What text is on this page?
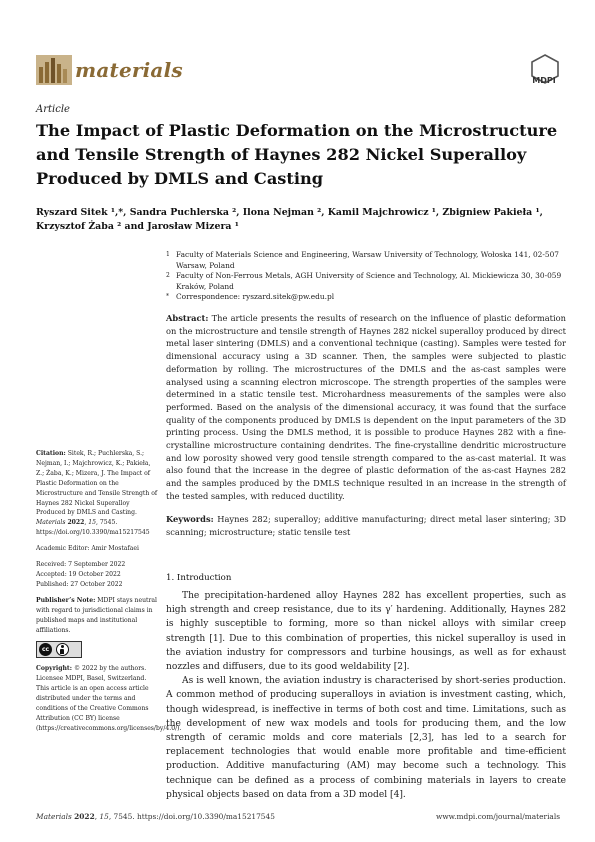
materials	MDPI
Article
The Impact of Plastic Deformation on the Microstructure and Tensile Strength of Haynes 282 Nickel Superalloy Produced by DMLS and Casting
Ryszard Sitek ¹,*, Sandra Puchlerska ², Ilona Nejman ², Kamil Majchrowicz ¹, Zbigniew Pakieła ¹, Krzysztof Żaba ² and Jarosław Mizera ¹
1 Faculty of Materials Science and Engineering, Warsaw University of Technology, Wołoska 141, 02-507 Warsaw, Poland
2 Faculty of Non-Ferrous Metals, AGH University of Science and Technology, Al. Mickiewicza 30, 30-059 Kraków, Poland
* Correspondence: ryszard.sitek@pw.edu.pl
Abstract: The article presents the results of research on the influence of plastic deformation on the microstructure and tensile strength of Haynes 282 nickel superalloy produced by direct metal laser sintering (DMLS) and a conventional technique (casting). Samples were tested for dimensional accuracy using a 3D scanner. Then, the samples were subjected to plastic deformation by rolling. The microstructures of the DMLS and the as-cast samples were analysed using a scanning electron microscope. The strength properties of the samples were determined in a static tensile test. Microhardness measurements of the samples were also performed. Based on the analysis of the dimensional accuracy, it was found that the surface quality of the components produced by DMLS is dependent on the input parameters of the 3D printing process. Using the DMLS method, it is possible to produce Haynes 282 with a fine-crystalline microstructure containing dendrites. The fine-crystalline dendritic microstructure and low porosity showed very good tensile strength compared to the as-cast material. It was also found that the increase in the degree of plastic deformation of the as-cast Haynes 282 and the samples produced by the DMLS technique resulted in an increase in the strength of the tested samples, with reduced ductility.
Keywords: Haynes 282; superalloy; additive manufacturing; direct metal laser sintering; 3D scanning; microstructure; static tensile test

Citation: Sitek, R.; Puchlerska, S.; Nejman, I.; Majchrowicz, K.; Pakieła, Z.; Żaba, K.; Mizera, J. The Impact of Plastic Deformation on the Microstructure and Tensile Strength of Haynes 282 Nickel Superalloy Produced by DMLS and Casting. Materials 2022, 15, 7545. https://doi.org/10.3390/ma15217545

Academic Editor: Amir Mostafaei

Received: 7 September 2022

Accepted: 19 October 2022

Published: 27 October 2022

Publisher’s Note: MDPI stays neutral with regard to jurisdictional claims in published maps and institutional affiliations.

cc

Copyright: © 2022 by the authors. Licensee MDPI, Basel, Switzerland. This article is an open access article distributed under the terms and conditions of the Creative Commons Attribution (CC BY) license (https://creativecommons.org/licenses/by/4.0/).

1. Introduction

The precipitation-hardened alloy Haynes 282 has excellent properties, such as high strength and creep resistance, due to its γ′ hardening. Additionally, Haynes 282 is highly susceptible to forming, more so than nickel alloys with similar creep strength [1]. Due to this combination of properties, this nickel superalloy is used in the aviation industry for compressors and turbine housings, as well as for exhaust nozzles and diffusers, due to its good weldability [2].

As is well known, the aviation industry is characterised by short-series production. A common method of producing superalloys in aviation is investment casting, which, though widespread, is ineffective in terms of both cost and time. Limitations, such as the development of new wax models and tools for producing them, and the low strength of ceramic molds and core materials [2,3], has led to a search for replacement technologies that would enable more profitable and time-efficient production. Additive manufacturing (AM) may become such a technology. This technique can be defined as a process of combining materials in layers to create physical objects based on data from a 3D model [4].

Materials 2022, 15, 7545. https://doi.org/10.3390/ma15217545	www.mdpi.com/journal/materials
